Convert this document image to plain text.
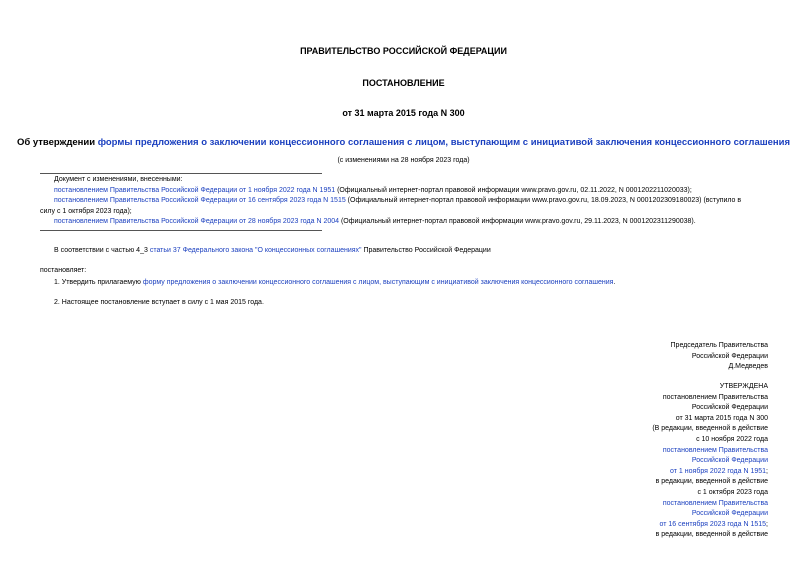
ПРАВИТЕЛЬСТВО РОССИЙСКОЙ ФЕДЕРАЦИИ
ПОСТАНОВЛЕНИЕ
от 31 марта 2015 года N 300
Об утверждении формы предложения о заключении концессионного соглашения с лицом, выступающим с инициативой заключения концессионного соглашения
(с изменениями на 28 ноября 2023 года)
Документ с изменениями, внесенными:
постановлением Правительства Российской Федерации от 1 ноября 2022 года N 1951 (Официальный интернет-портал правовой информации www.pravo.gov.ru, 02.11.2022, N 0001202211020033);
постановлением Правительства Российской Федерации от 16 сентября 2023 года N 1515 (Официальный интернет-портал правовой информации www.pravo.gov.ru, 18.09.2023, N 0001202309180023) (вступило в
силу с 1 октября 2023 года);
постановлением Правительства Российской Федерации от 28 ноября 2023 года N 2004 (Официальный интернет-портал правовой информации www.pravo.gov.ru, 29.11.2023, N 0001202311290038).
В соответствии с частью 4_3 статьи 37 Федерального закона "О концессионных соглашениях" Правительство Российской Федерации
постановляет:
1. Утвердить прилагаемую форму предложения о заключении концессионного соглашения с лицом, выступающим с инициативой заключения концессионного соглашения.
2. Настоящее постановление вступает в силу с 1 мая 2015 года.
Председатель Правительства
Российской Федерации
Д.Медведев
УТВЕРЖДЕНА
постановлением Правительства
Российской Федерации
от 31 марта 2015 года N 300
(В редакции, введенной в действие
с 10 ноября 2022 года
постановлением Правительства
Российской Федерации
от 1 ноября 2022 года N 1951;
в редакции, введенной в действие
с 1 октября 2023 года
постановлением Правительства
Российской Федерации
от 16 сентября 2023 года N 1515;
в редакции, введенной в действие
